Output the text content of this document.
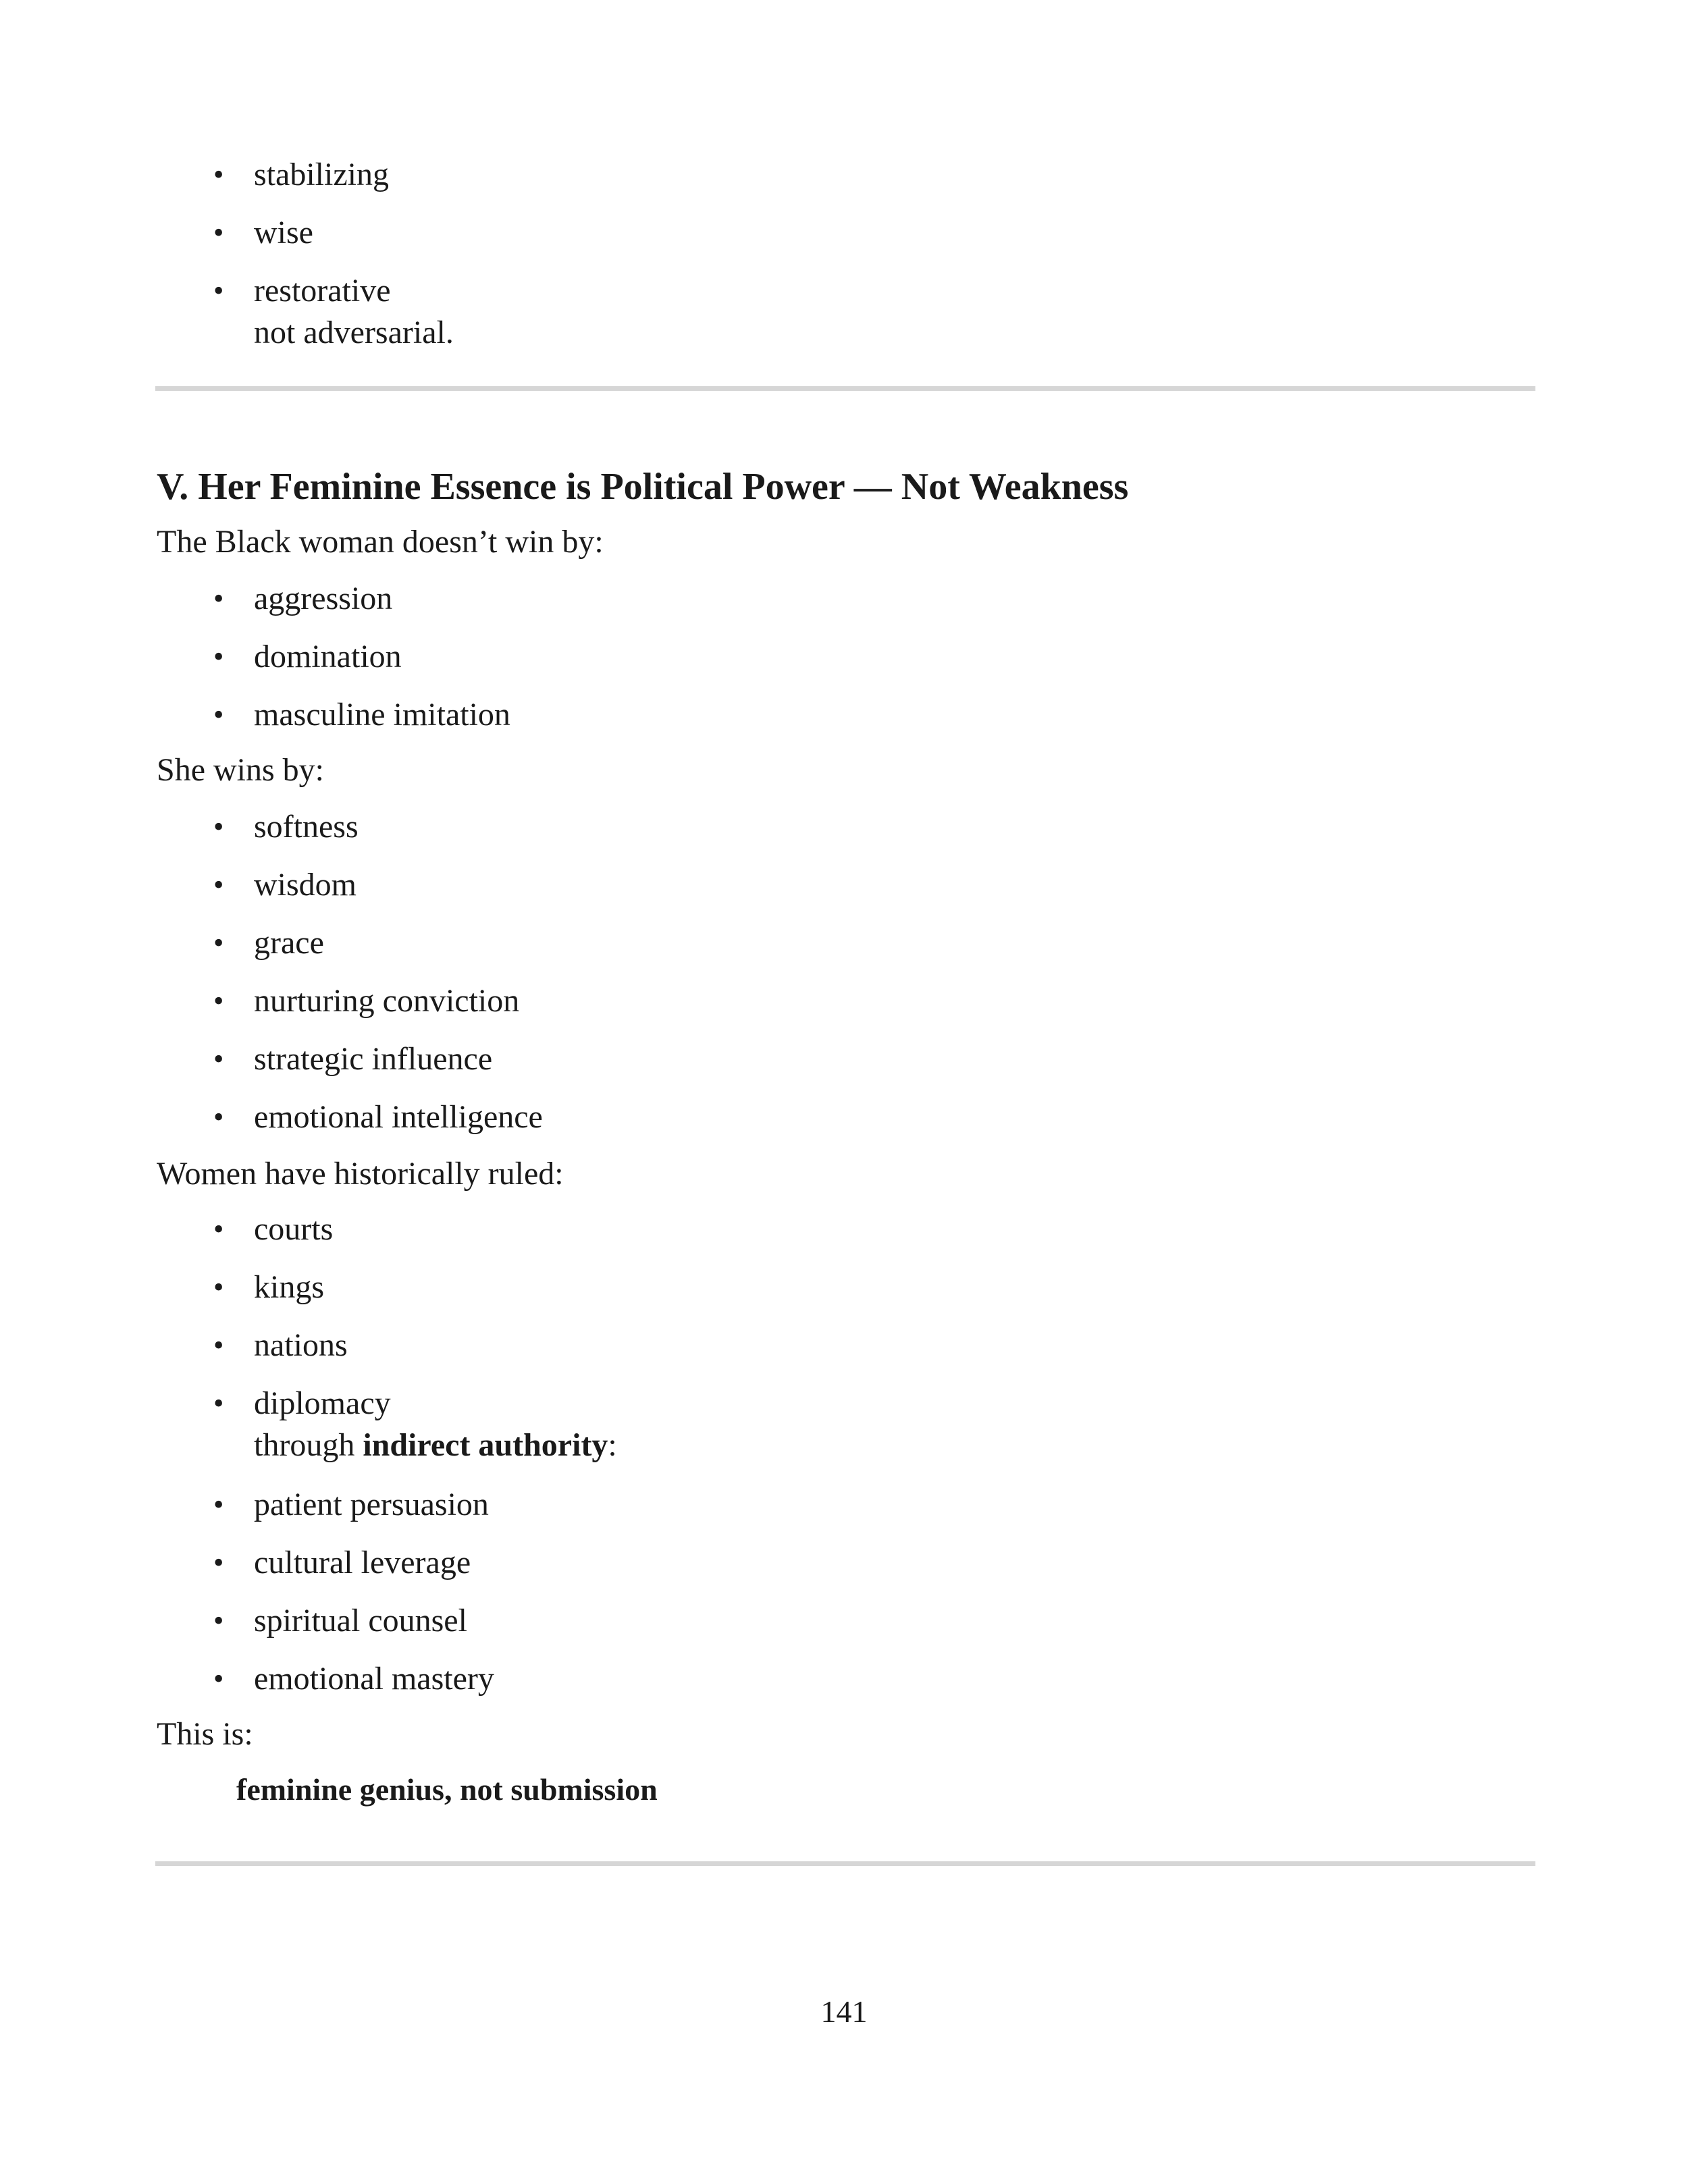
• stabilizing
• wise
• restorative
not adversarial.
V. Her Feminine Essence is Political Power — Not Weakness

The Black woman doesn’t win by:

• aggression
• domination
• masculine imitation

She wins by:

• softness
• wisdom
• grace
• nurturing conviction
• strategic influence
• emotional intelligence

Women have historically ruled:

• courts
• kings
• nations
• diplomacy
through indirect authority:
• patient persuasion
• cultural leverage
• spiritual counsel
• emotional mastery

This is:

feminine genius, not submission

141
